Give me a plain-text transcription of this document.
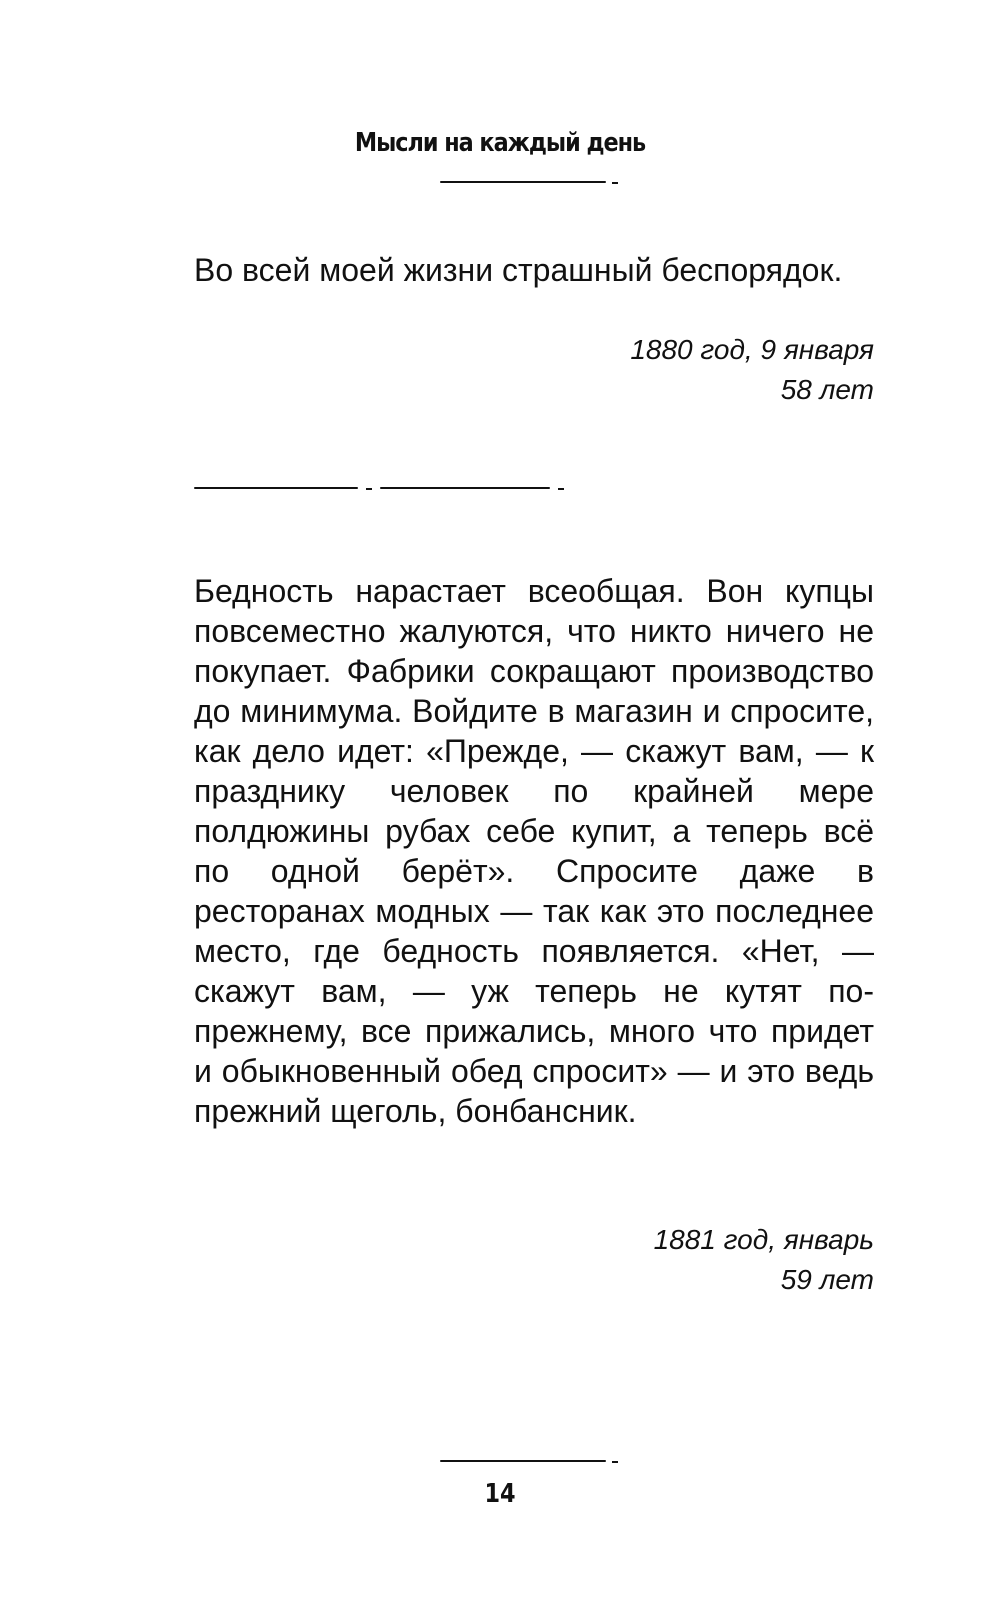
Мысли на каждый день
Во всей моей жизни страшный беспорядок.
1880 год, 9 января
58 лет
Бедность нарастает всеобщая. Вон купцы повсеместно жалуются, что никто ничего не покупает. Фабрики сокращают производство до минимума. Войдите в магазин и спросите, как дело идет: «Прежде, — скажут вам, — к празднику человек по крайней мере полдюжины рубах себе купит, а теперь всё по одной берёт». Спросите даже в ресторанах модных — так как это последнее место, где бедность появляется. «Нет, — скажут вам, — уж теперь не кутят по-прежнему, все прижались, много что придет и обыкновенный обед спросит» — и это ведь прежний щеголь, бонбансник.
1881 год, январь
59 лет
14
